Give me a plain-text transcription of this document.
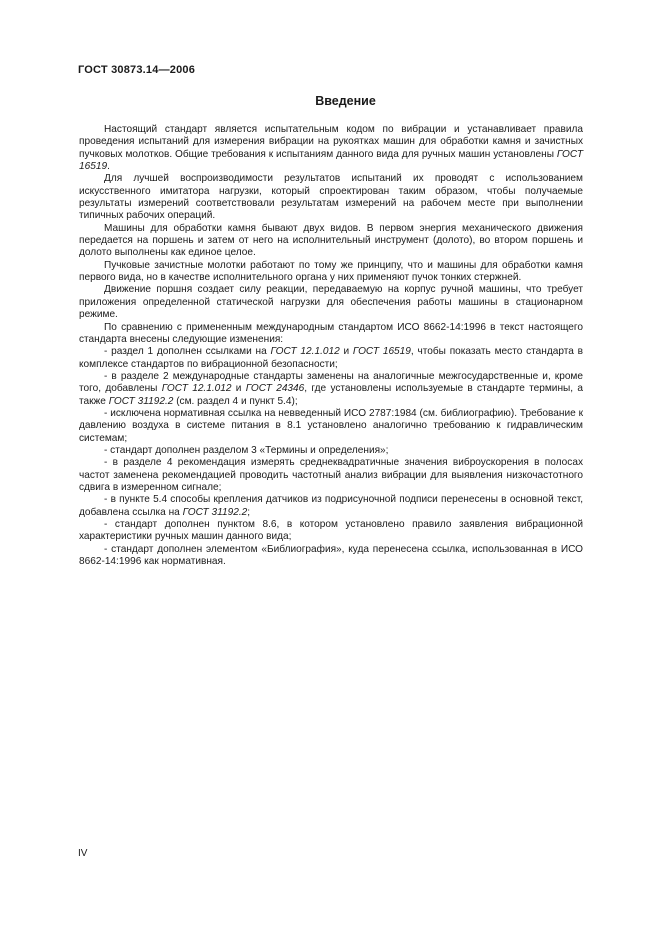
ГОСТ 30873.14—2006
Введение

Настоящий стандарт является испытательным кодом по вибрации и устанавливает правила проведения испытаний для измерения вибрации на рукоятках машин для обработки камня и зачистных пучковых молотков. Общие требования к испытаниям данного вида для ручных машин установлены ГОСТ 16519.

Для лучшей воспроизводимости результатов испытаний их проводят с использованием искусственного имитатора нагрузки, который спроектирован таким образом, чтобы получаемые результаты измерений соответствовали результатам измерений на рабочем месте при выполнении типичных рабочих операций.

Машины для обработки камня бывают двух видов. В первом энергия механического движения передается на поршень и затем от него на исполнительный инструмент (долото), во втором поршень и долото выполнены как единое целое.

Пучковые зачистные молотки работают по тому же принципу, что и машины для обработки камня первого вида, но в качестве исполнительного органа у них применяют пучок тонких стержней.

Движение поршня создает силу реакции, передаваемую на корпус ручной машины, что требует приложения определенной статической нагрузки для обеспечения работы машины в стационарном режиме.

По сравнению с примененным международным стандартом ИСО 8662-14:1996 в текст настоящего стандарта внесены следующие изменения:

- раздел 1 дополнен ссылками на ГОСТ 12.1.012 и ГОСТ 16519, чтобы показать место стандарта в комплексе стандартов по вибрационной безопасности;

- в разделе 2 международные стандарты заменены на аналогичные межгосударственные и, кроме того, добавлены ГОСТ 12.1.012 и ГОСТ 24346, где установлены используемые в стандарте термины, а также ГОСТ 31192.2 (см. раздел 4 и пункт 5.4);

- исключена нормативная ссылка на невведенный ИСО 2787:1984 (см. библиографию). Требование к давлению воздуха в системе питания в 8.1 установлено аналогично требованию к гидравлическим системам;

- стандарт дополнен разделом 3 «Термины и определения»;

- в разделе 4 рекомендация измерять среднеквадратичные значения виброускорения в полосах частот заменена рекомендацией проводить частотный анализ вибрации для выявления низкочастотного сдвига в измеренном сигнале;

- в пункте 5.4 способы крепления датчиков из подрисуночной подписи перенесены в основной текст, добавлена ссылка на ГОСТ 31192.2;

- стандарт дополнен пунктом 8.6, в котором установлено правило заявления вибрационной характеристики ручных машин данного вида;

- стандарт дополнен элементом «Библиография», куда перенесена ссылка, использованная в ИСО 8662-14:1996 как нормативная.

IV
